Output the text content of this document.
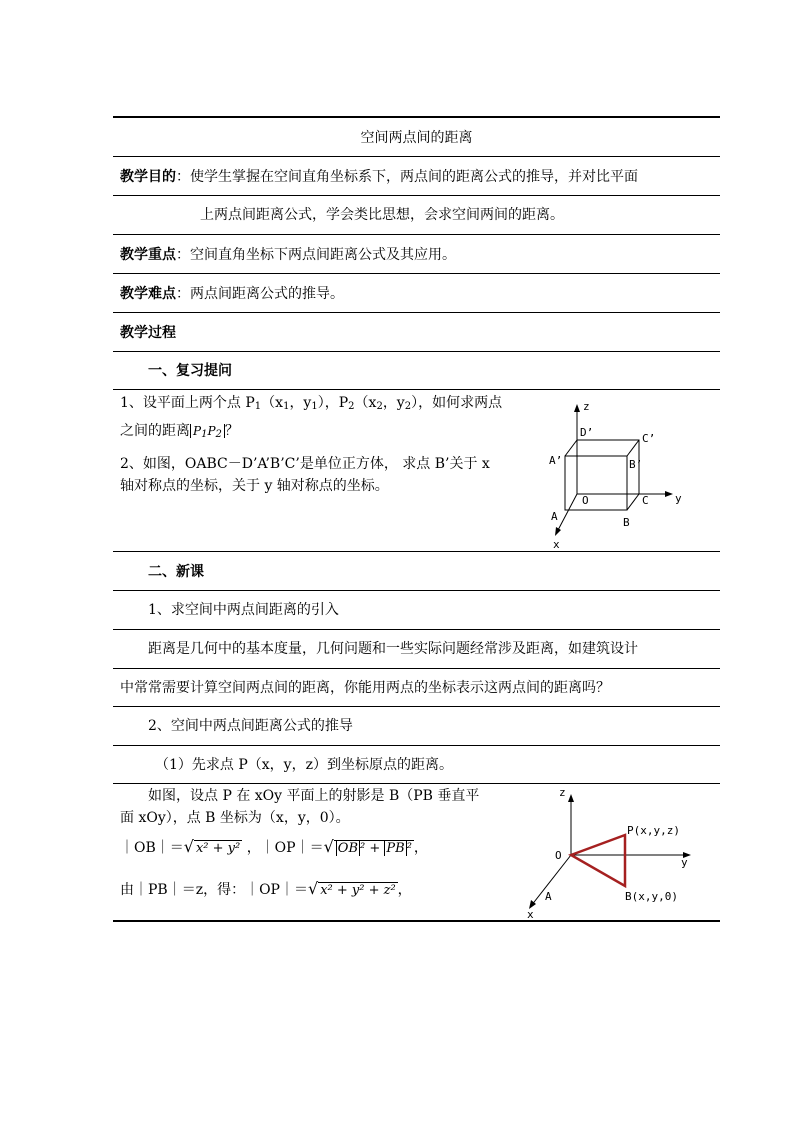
空间两点间的距离
教学目的：使学生掌握在空间直角坐标系下，两点间的距离公式的推导，并对比平面
上两点间距离公式，学会类比思想，会求空间两间的距离。
教学重点：空间直角坐标下两点间距离公式及其应用。
教学难点：两点间距离公式的推导。
教学过程
一、复习提问
1、设平面上两个点 $P_1(x_1$，$y_1$），$P_2(x_2$，$y_2$），如何求两点
之间的距离 $P_1P_2$ ？
2、如图，OABC－D’A’B’C’是单位正方体， 求点 B’关于 x
轴对称点的坐标，关于 y 轴对称点的坐标。
z
D’	C’
A’	B’
O	C y
A	B
x
二、新课
1、求空间中两点间距离的引入
距离是几何中的基本度量，几何问题和一些实际问题经常涉及距离，如建筑设计
中常常需要计算空间两点间的距离，你能用两点的坐标表示这两点间的距离吗？
2、空间中两点间距离公式的推导
（1）先求点 P（x，y，z）到坐标原点的距离。
如图，设点 P 在 xOy 平面上的射影是 B（PB 垂直平
面 xOy），点 B 坐标为（x，y，0）。
｜OB｜＝√ x² + y² ，｜OP｜＝√ OB ² + PB ² ，
由｜PB｜＝z，得：｜OP｜＝√ x² + y² + z² ，
z
P(x,y,z)
O
y
A	B(x,y,0)
x
